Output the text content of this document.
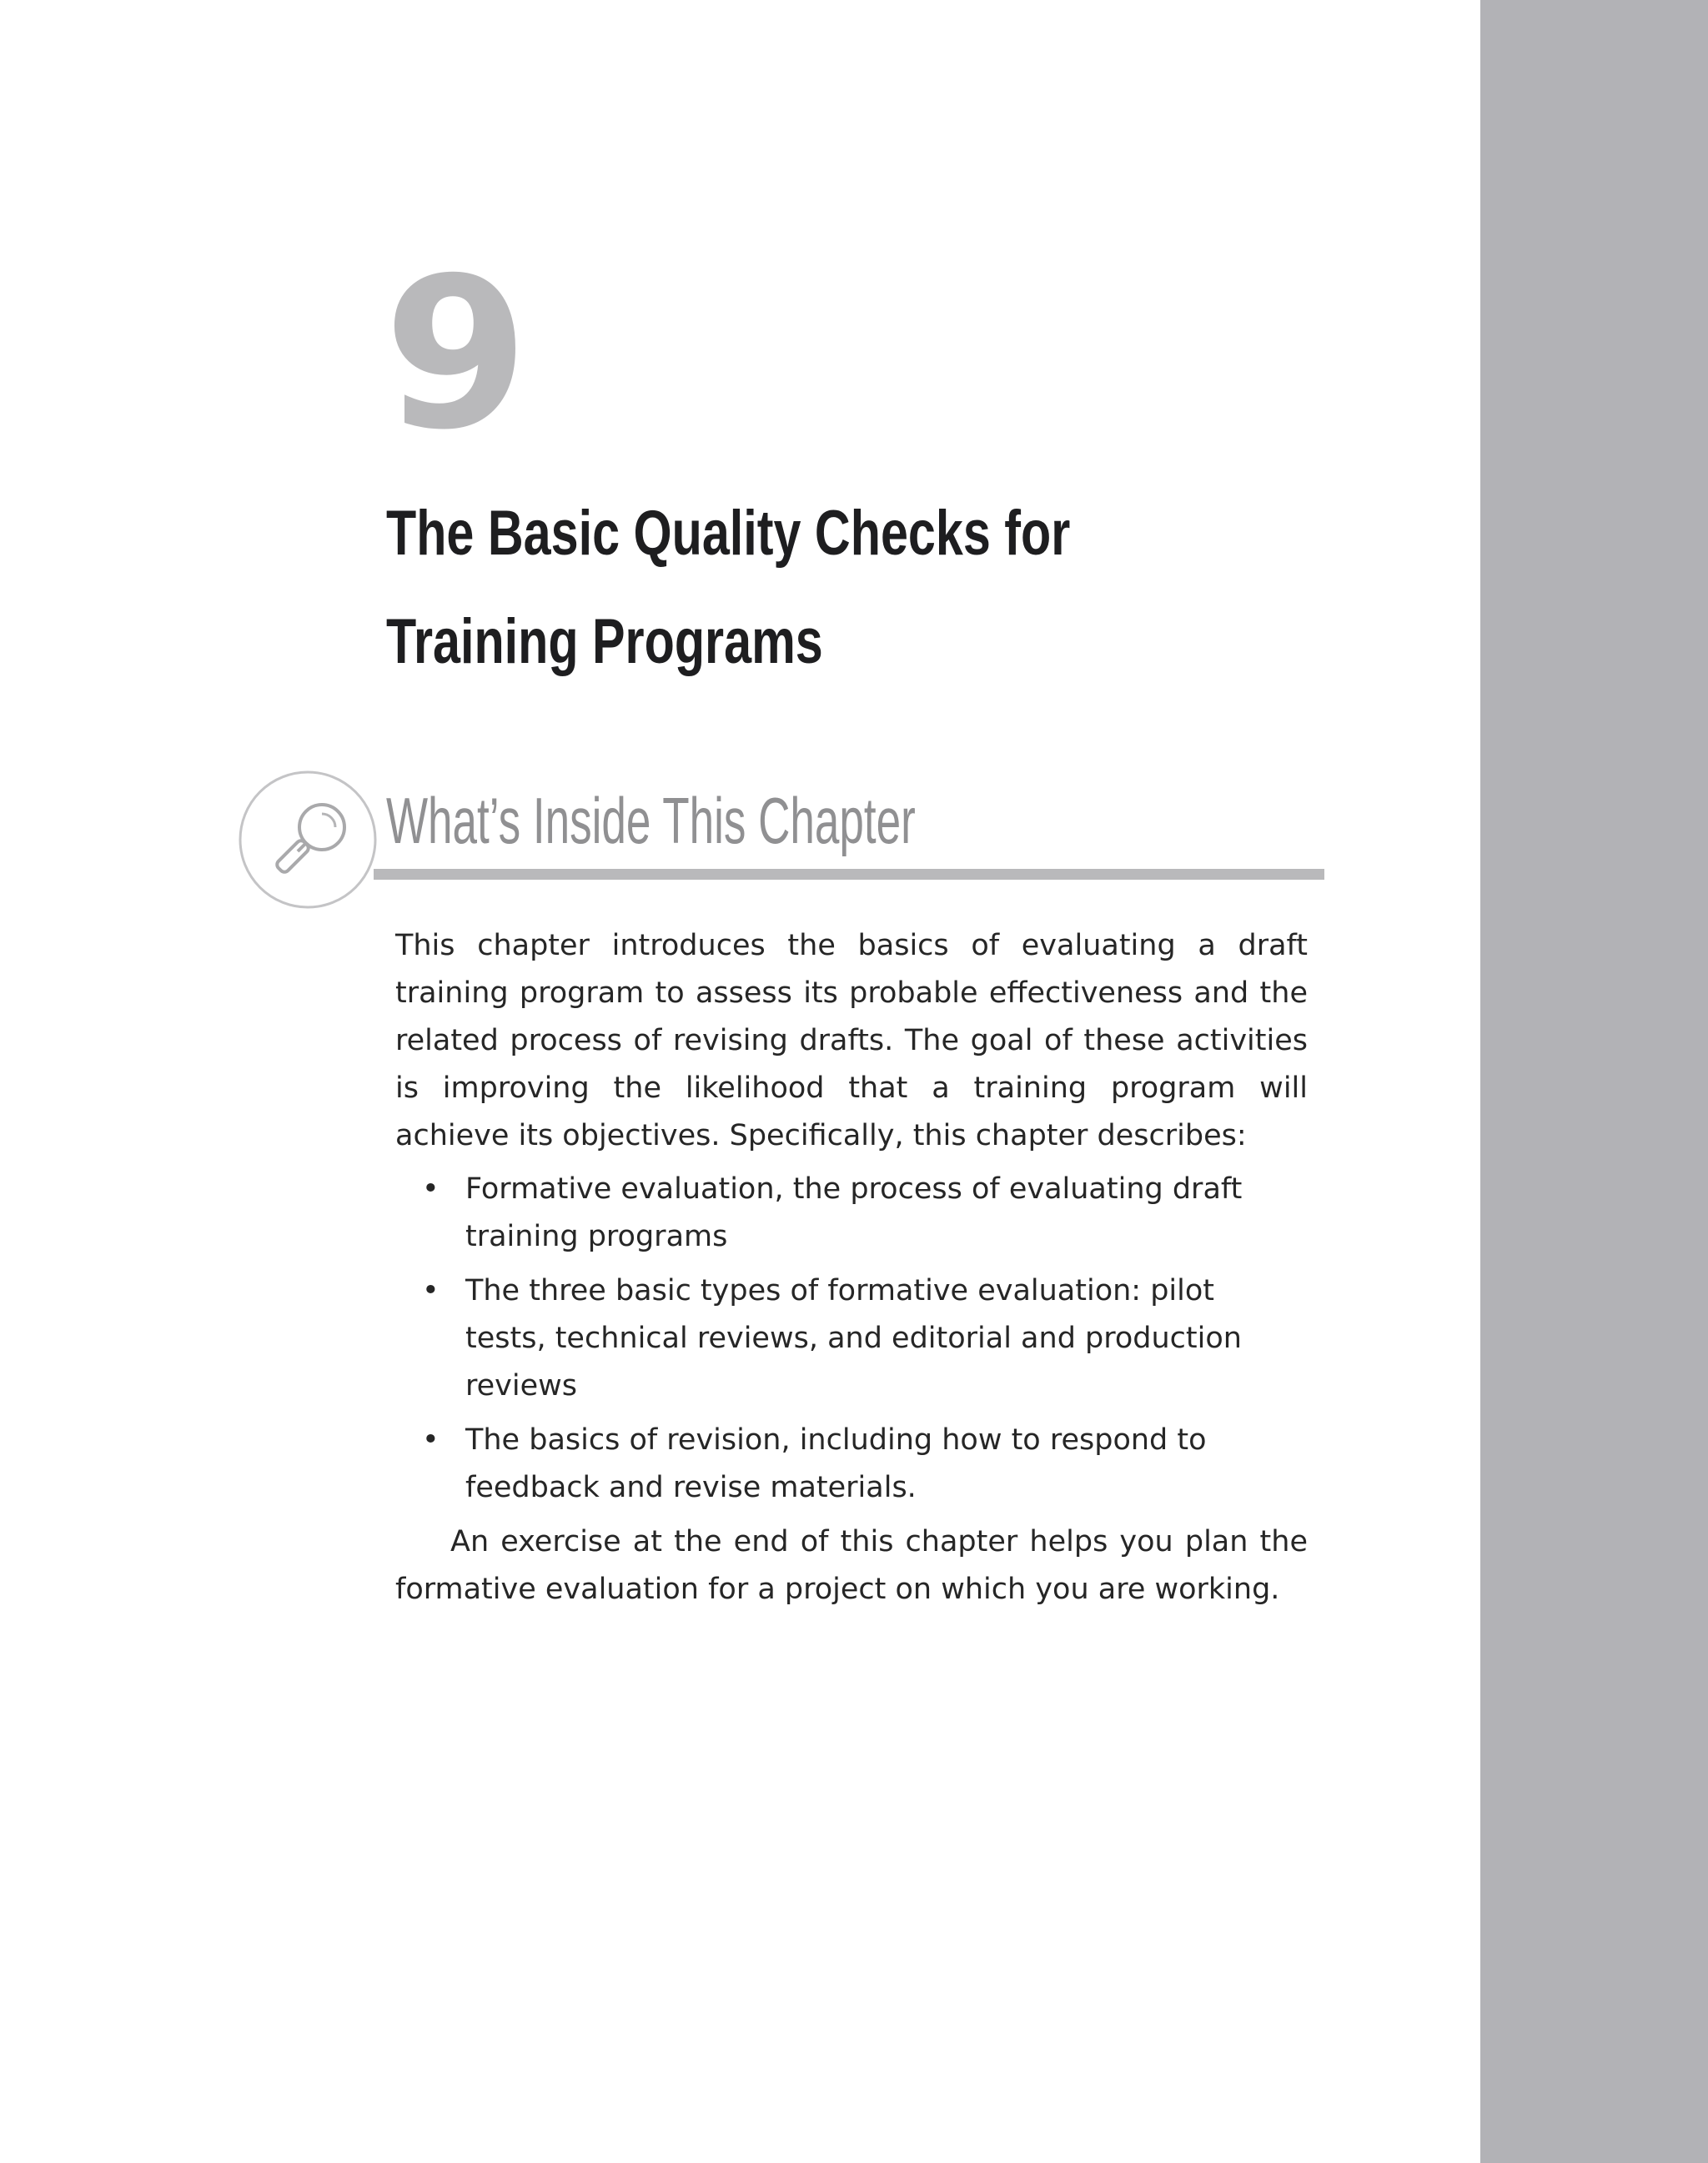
9
The Basic Quality Checks for
Training Programs
What’s Inside This Chapter

This chapter introduces the basics of evaluating a draft training program to assess its probable effectiveness and the related process of revising drafts. The goal of these activities is improving the likelihood that a training program will achieve its objectives. Specifically, this chapter describes:

• Formative evaluation, the process of evaluating draft training programs
• The three basic types of formative evaluation: pilot tests, technical reviews, and editorial and production reviews
• The basics of revision, including how to respond to feedback and revise materials.

An exercise at the end of this chapter helps you plan the formative evaluation for a project on which you are working.
